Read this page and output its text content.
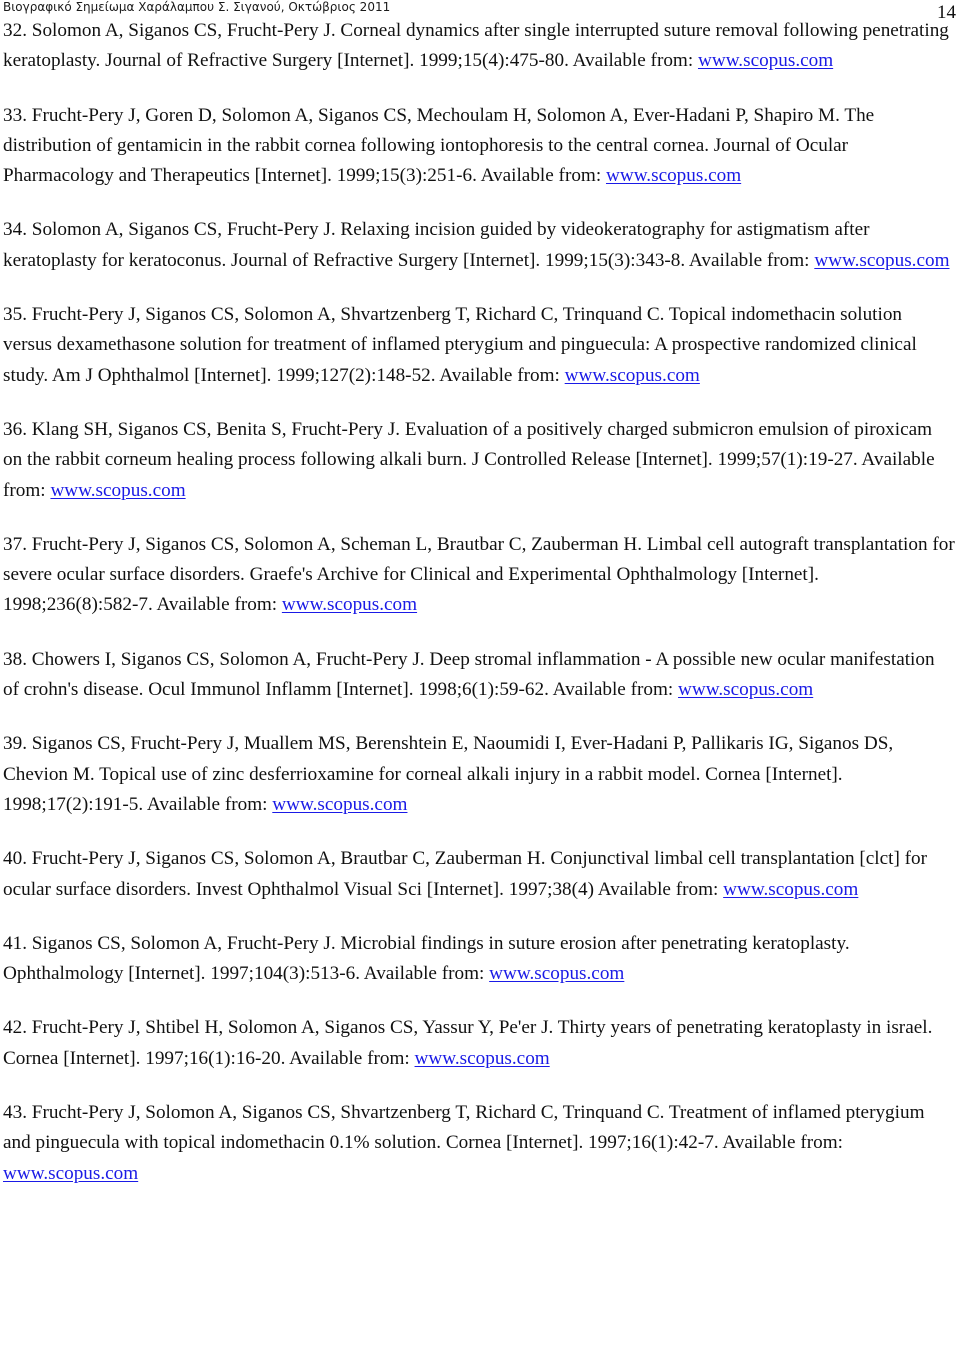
Βιογραφικό Σημείωμα Χαράλαμπου Σ. Σιγανού, Οκτώβριος 2011	14

32. Solomon A, Siganos CS, Frucht-Pery J. Corneal dynamics after single interrupted suture removal following penetrating keratoplasty. Journal of Refractive Surgery [Internet]. 1999;15(4):475-80. Available from: www.scopus.com

33. Frucht-Pery J, Goren D, Solomon A, Siganos CS, Mechoulam H, Solomon A, Ever-Hadani P, Shapiro M. The distribution of gentamicin in the rabbit cornea following iontophoresis to the central cornea. Journal of Ocular Pharmacology and Therapeutics [Internet]. 1999;15(3):251-6. Available from: www.scopus.com

34. Solomon A, Siganos CS, Frucht-Pery J. Relaxing incision guided by videokeratography for astigmatism after keratoplasty for keratoconus. Journal of Refractive Surgery [Internet]. 1999;15(3):343-8. Available from: www.scopus.com

35. Frucht-Pery J, Siganos CS, Solomon A, Shvartzenberg T, Richard C, Trinquand C. Topical indomethacin solution versus dexamethasone solution for treatment of inflamed pterygium and pinguecula: A prospective randomized clinical study. Am J Ophthalmol [Internet]. 1999;127(2):148-52. Available from: www.scopus.com

36. Klang SH, Siganos CS, Benita S, Frucht-Pery J. Evaluation of a positively charged submicron emulsion of piroxicam on the rabbit corneum healing process following alkali burn. J Controlled Release [Internet]. 1999;57(1):19-27. Available from: www.scopus.com

37. Frucht-Pery J, Siganos CS, Solomon A, Scheman L, Brautbar C, Zauberman H. Limbal cell autograft transplantation for severe ocular surface disorders. Graefe's Archive for Clinical and Experimental Ophthalmology [Internet]. 1998;236(8):582-7. Available from: www.scopus.com

38. Chowers I, Siganos CS, Solomon A, Frucht-Pery J. Deep stromal inflammation - A possible new ocular manifestation of crohn's disease. Ocul Immunol Inflamm [Internet]. 1998;6(1):59-62. Available from: www.scopus.com

39. Siganos CS, Frucht-Pery J, Muallem MS, Berenshtein E, Naoumidi I, Ever-Hadani P, Pallikaris IG, Siganos DS, Chevion M. Topical use of zinc desferrioxamine for corneal alkali injury in a rabbit model. Cornea [Internet]. 1998;17(2):191-5. Available from: www.scopus.com

40. Frucht-Pery J, Siganos CS, Solomon A, Brautbar C, Zauberman H. Conjunctival limbal cell transplantation [clct] for ocular surface disorders. Invest Ophthalmol Visual Sci [Internet]. 1997;38(4) Available from: www.scopus.com

41. Siganos CS, Solomon A, Frucht-Pery J. Microbial findings in suture erosion after penetrating keratoplasty. Ophthalmology [Internet]. 1997;104(3):513-6. Available from: www.scopus.com

42. Frucht-Pery J, Shtibel H, Solomon A, Siganos CS, Yassur Y, Pe'er J. Thirty years of penetrating keratoplasty in israel. Cornea [Internet]. 1997;16(1):16-20. Available from: www.scopus.com

43. Frucht-Pery J, Solomon A, Siganos CS, Shvartzenberg T, Richard C, Trinquand C. Treatment of inflamed pterygium and pinguecula with topical indomethacin 0.1% solution. Cornea [Internet]. 1997;16(1):42-7. Available from: www.scopus.com
